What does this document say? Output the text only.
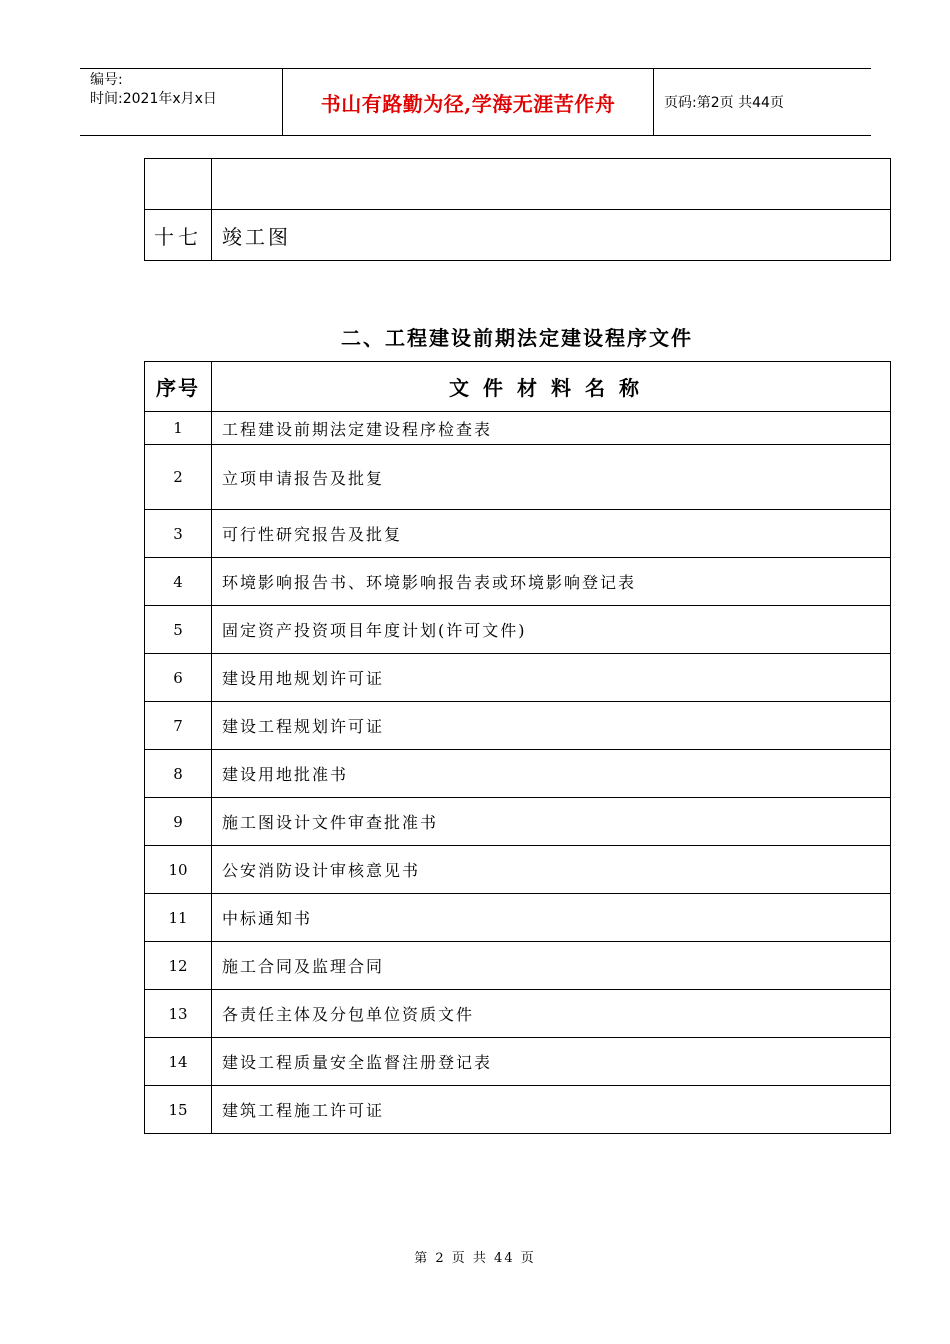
编号:
时间:2021年x月x日	书山有路勤为径,学海无涯苦作舟	页码:第2页 共44页

十七	竣工图
二、工程建设前期法定建设程序文件
序号	文件材料名称
1	工程建设前期法定建设程序检查表
2	立项申请报告及批复
3	可行性研究报告及批复
4	环境影响报告书、环境影响报告表或环境影响登记表
5	固定资产投资项目年度计划(许可文件)
6	建设用地规划许可证
7	建设工程规划许可证
8	建设用地批准书
9	施工图设计文件审查批准书
10	公安消防设计审核意见书
11	中标通知书
12	施工合同及监理合同
13	各责任主体及分包单位资质文件
14	建设工程质量安全监督注册登记表
15	建筑工程施工许可证
第 2 页 共 44 页
